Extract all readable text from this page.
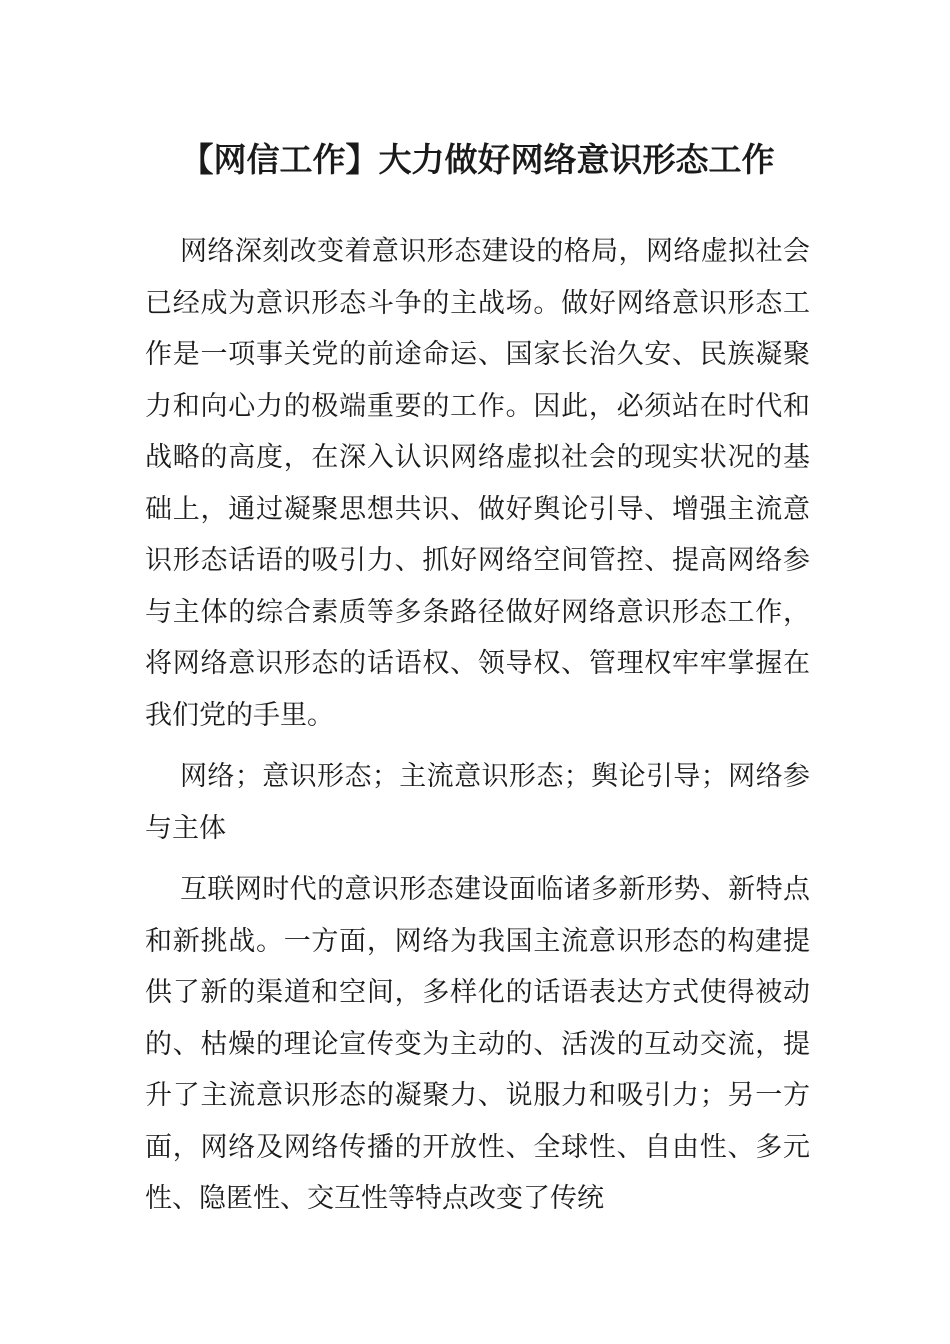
【网信工作】大力做好网络意识形态工作

网络深刻改变着意识形态建设的格局，网络虚拟社会已经成为意识形态斗争的主战场。做好网络意识形态工作是一项事关党的前途命运、国家长治久安、民族凝聚力和向心力的极端重要的工作。因此，必须站在时代和战略的高度，在深入认识网络虚拟社会的现实状况的基础上，通过凝聚思想共识、做好舆论引导、增强主流意识形态话语的吸引力、抓好网络空间管控、提高网络参与主体的综合素质等多条路径做好网络意识形态工作，将网络意识形态的话语权、领导权、管理权牢牢掌握在我们党的手里。

网络；意识形态；主流意识形态；舆论引导；网络参与主体

互联网时代的意识形态建设面临诸多新形势、新特点和新挑战。一方面，网络为我国主流意识形态的构建提供了新的渠道和空间，多样化的话语表达方式使得被动的、枯燥的理论宣传变为主动的、活泼的互动交流，提升了主流意识形态的凝聚力、说服力和吸引力；另一方面，网络及网络传播的开放性、全球性、自由性、多元性、隐匿性、交互性等特点改变了传统
